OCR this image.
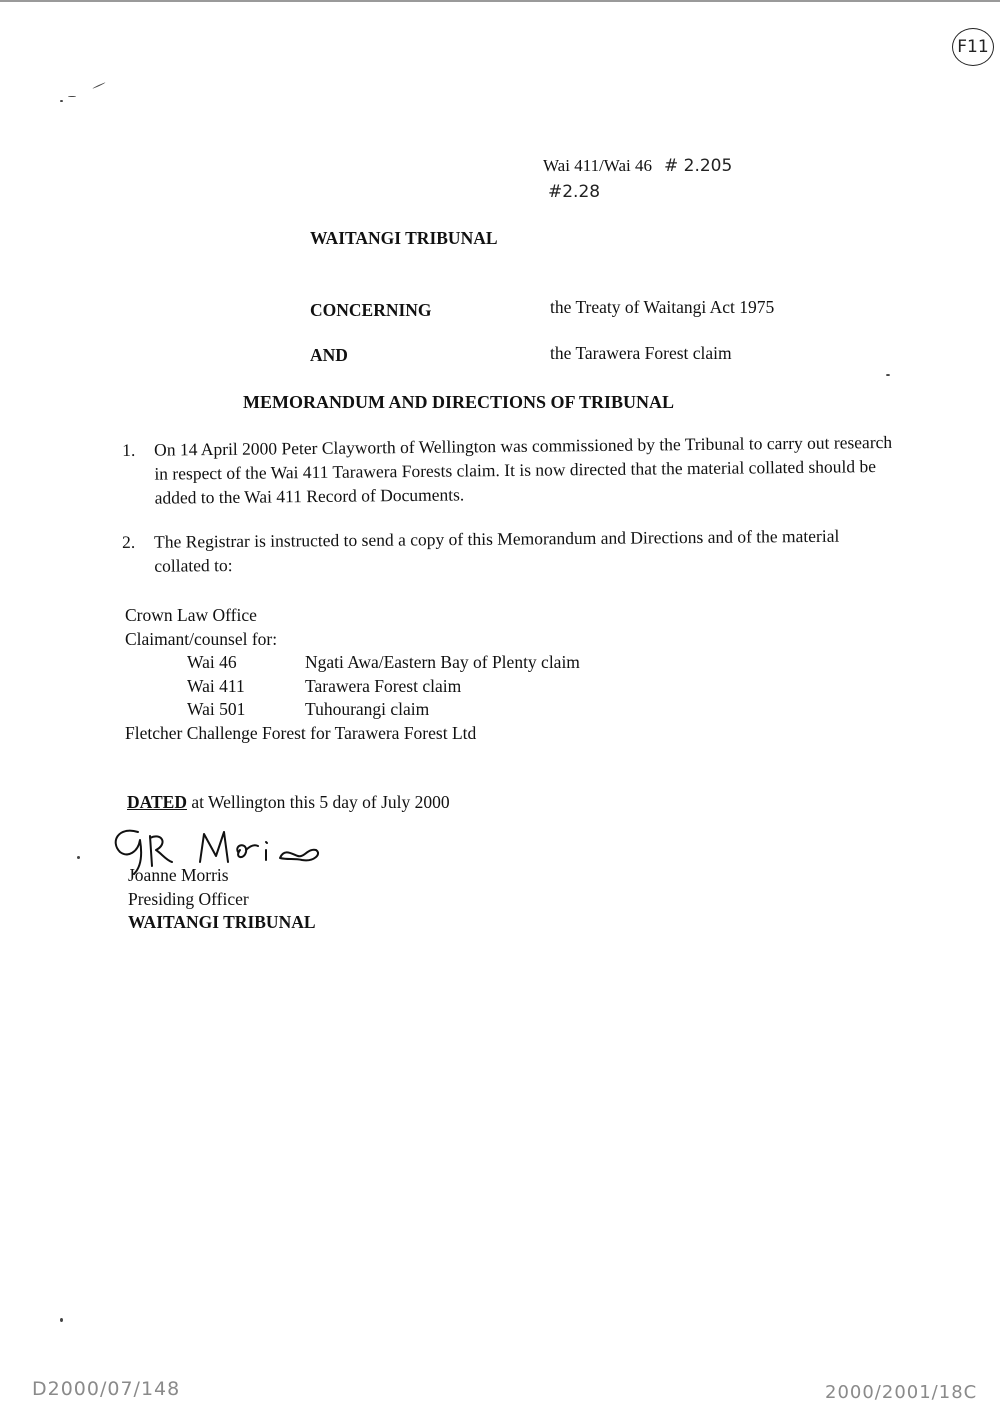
F11
Wai 411/Wai 46 # 2.205
#2.28
WAITANGI TRIBUNAL
CONCERNING	the Treaty of Waitangi Act 1975
AND	the Tarawera Forest claim
MEMORANDUM AND DIRECTIONS OF TRIBUNAL
1. On 14 April 2000 Peter Clayworth of Wellington was commissioned by the Tribunal to carry out research in respect of the Wai 411 Tarawera Forests claim. It is now directed that the material collated should be added to the Wai 411 Record of Documents.
2. The Registrar is instructed to send a copy of this Memorandum and Directions and of the material collated to:
Crown Law Office
Claimant/counsel for:
Wai 46	Ngati Awa/Eastern Bay of Plenty claim
Wai 411	Tarawera Forest claim
Wai 501	Tuhourangi claim
Fletcher Challenge Forest for Tarawera Forest Ltd
DATED at Wellington this 5 day of July 2000
Joanne Morris
Presiding Officer
WAITANGI TRIBUNAL
D2000/07/148	2000/2001/18C
